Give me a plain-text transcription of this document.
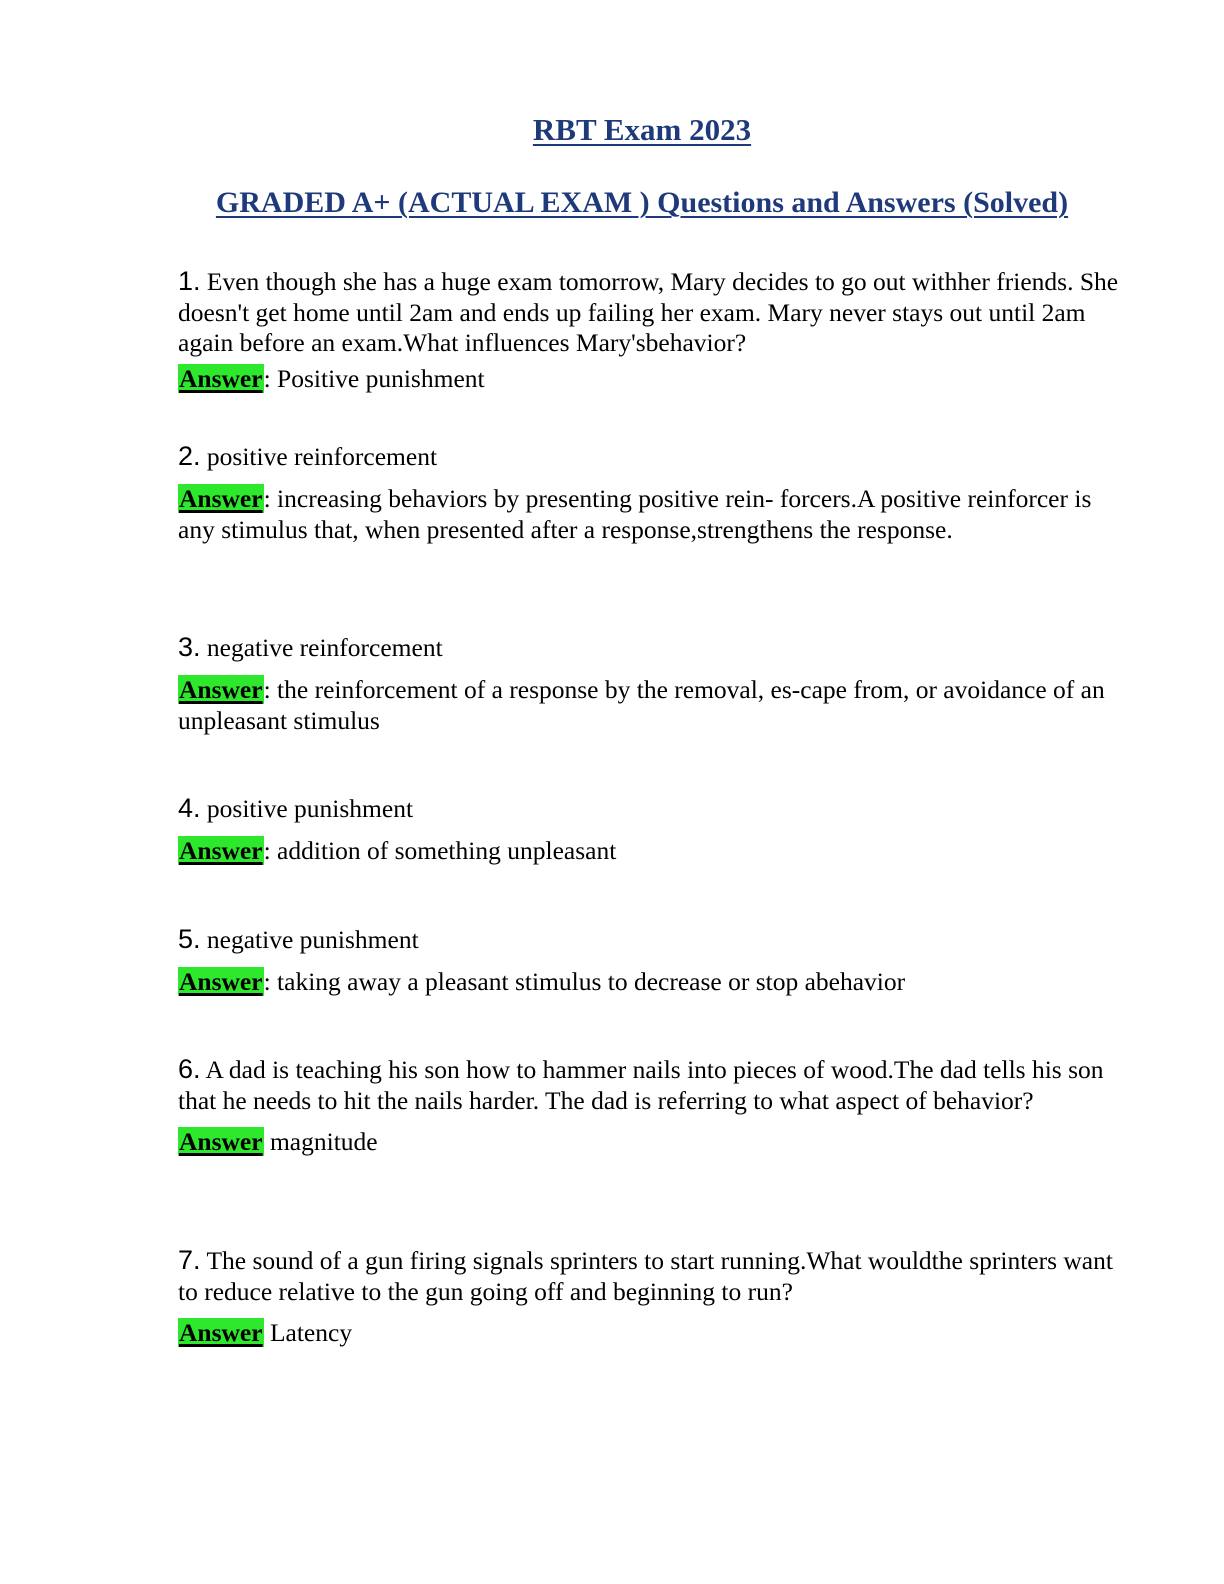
RBT Exam 2023
GRADED A+ (ACTUAL EXAM ) Questions and Answers (Solved)

1. Even though she has a huge exam tomorrow, Mary decides to go out withher friends. She doesn't get home until 2am and ends up failing her exam. Mary never stays out until 2am again before an exam.What influences Mary'sbehavior?

Answer: Positive punishment

2. positive reinforcement

Answer: increasing behaviors by presenting positive rein- forcers.A positive reinforcer is any stimulus that, when presented after a response,strengthens the response.

3. negative reinforcement

Answer: the reinforcement of a response by the removal, es-cape from, or avoidance of an unpleasant stimulus

4. positive punishment

Answer: addition of something unpleasant

5. negative punishment

Answer: taking away a pleasant stimulus to decrease or stop abehavior

6. A dad is teaching his son how to hammer nails into pieces of wood.The dad tells his son that he needs to hit the nails harder. The dad is referring to what aspect of behavior?

Answer magnitude

7. The sound of a gun firing signals sprinters to start running.What wouldthe sprinters want to reduce relative to the gun going off and beginning to run?

Answer Latency
